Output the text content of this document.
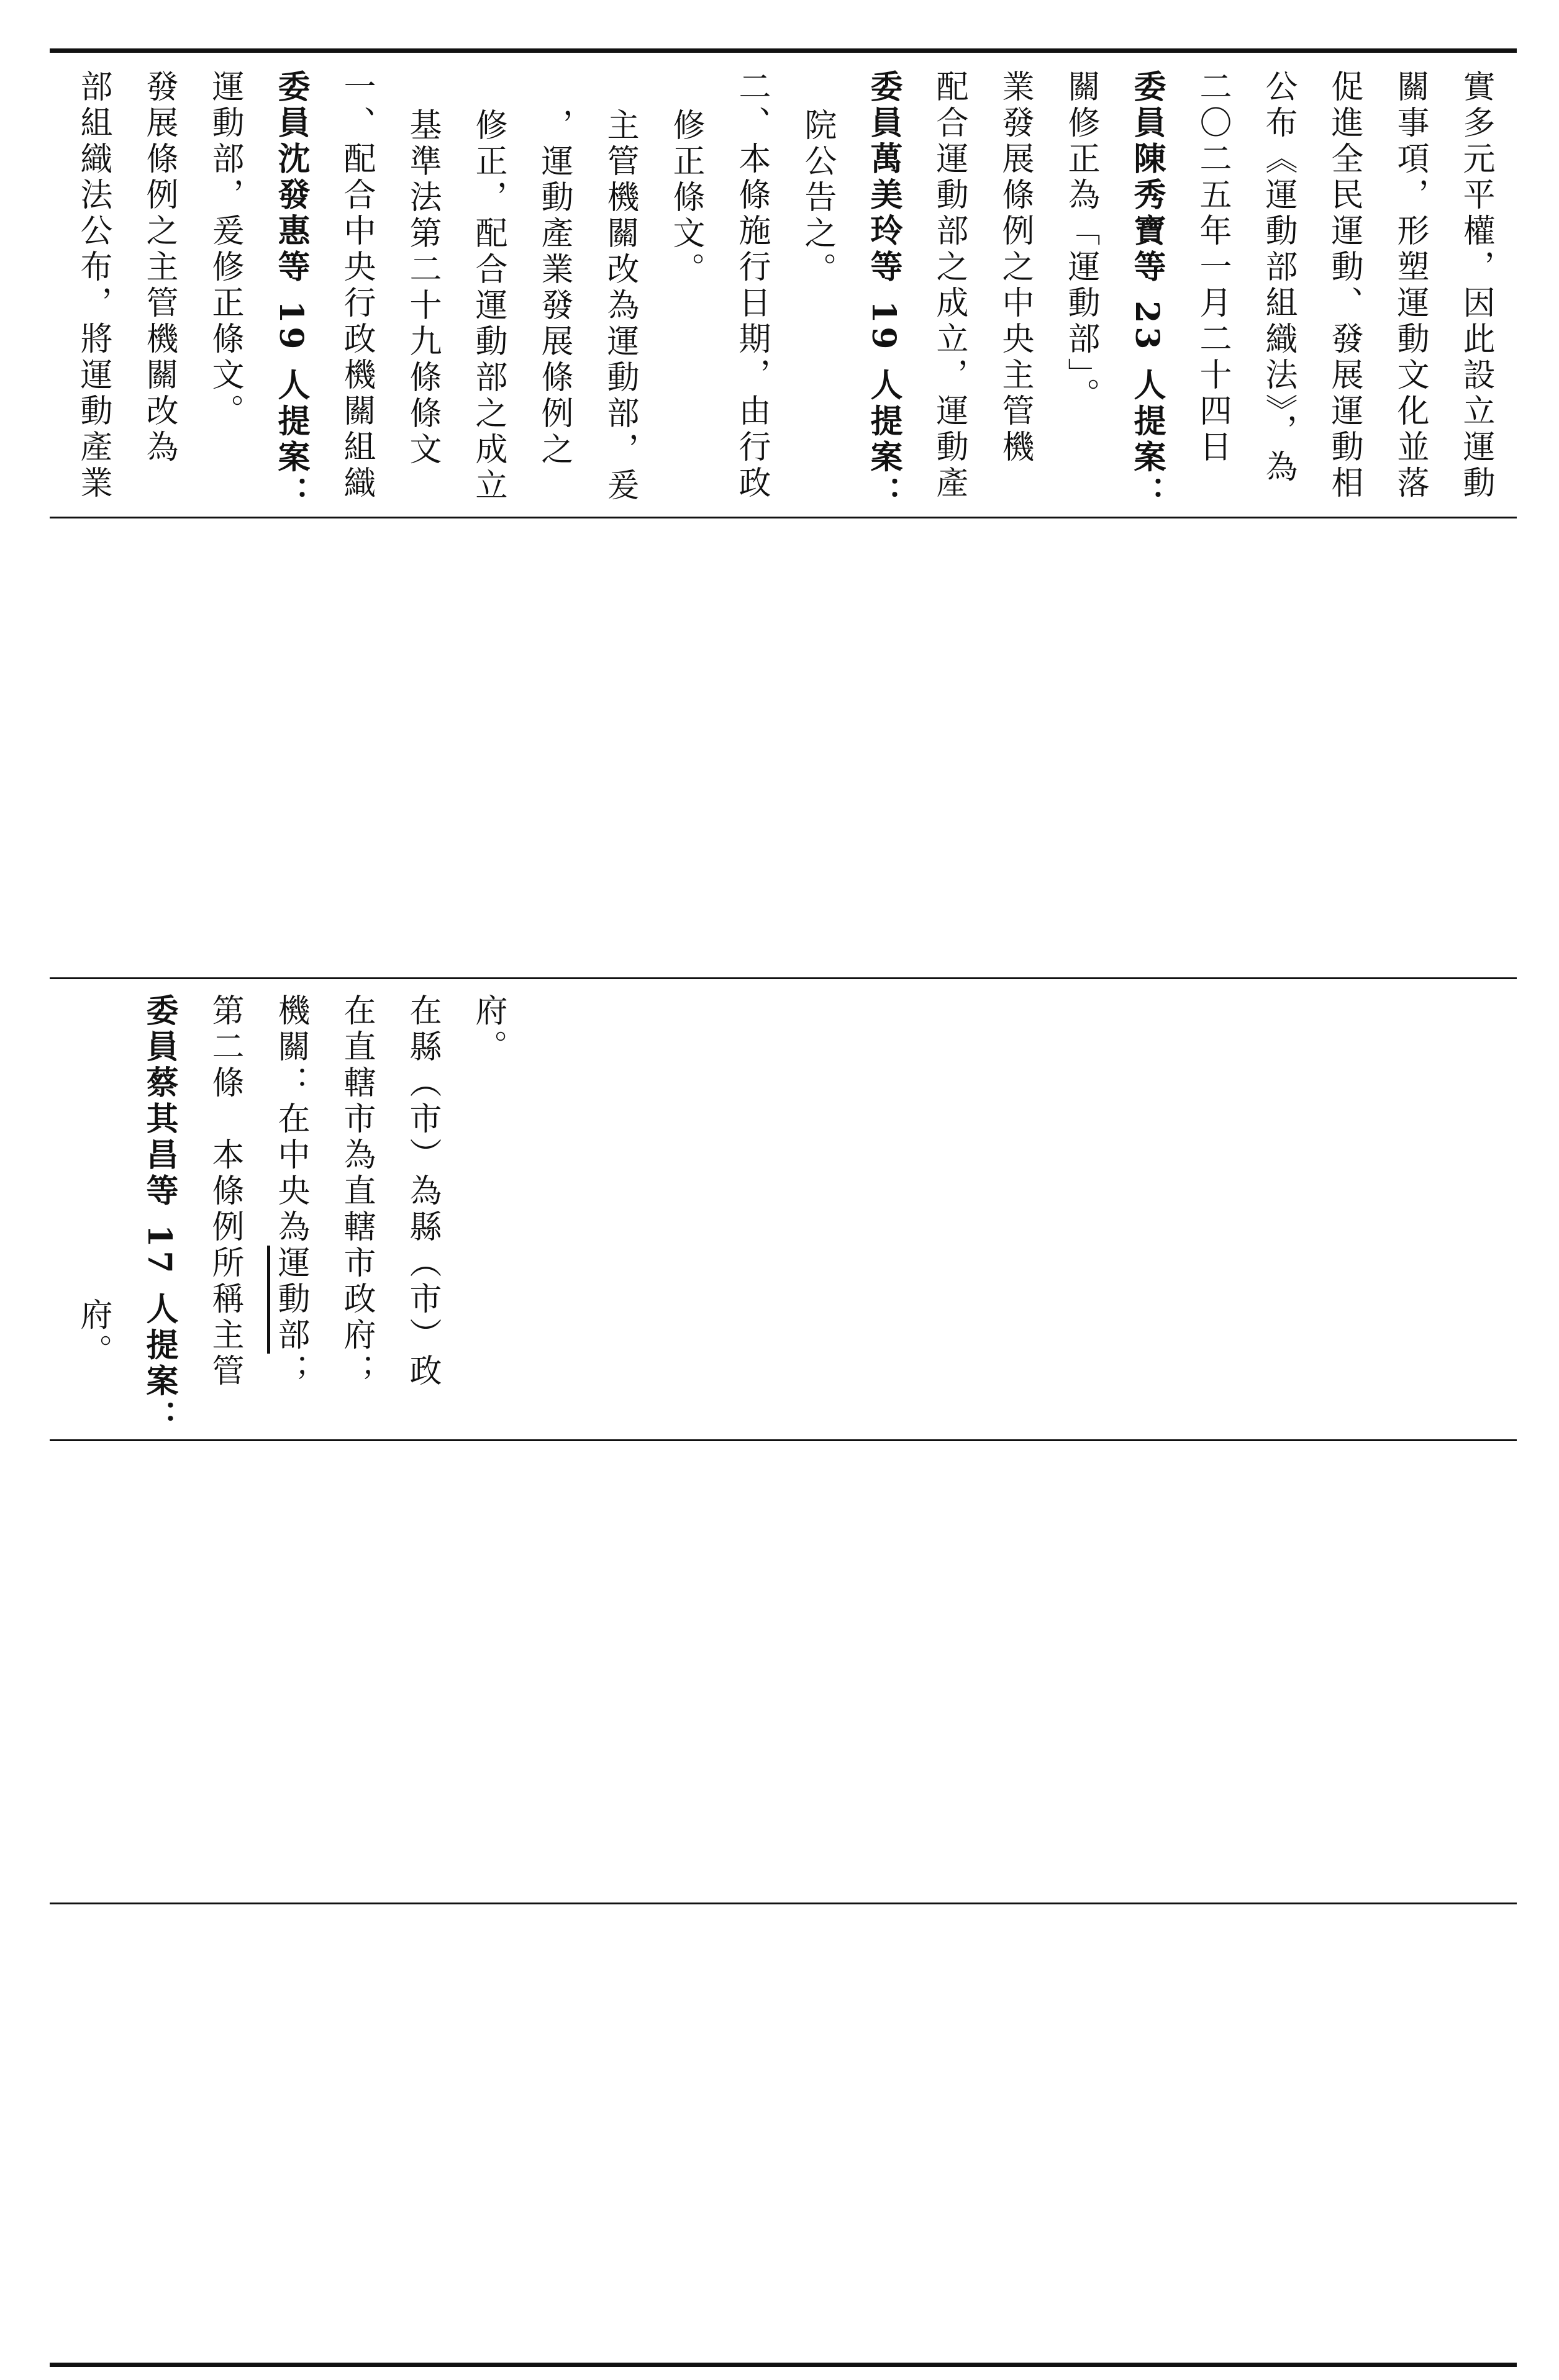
部組織法公布，將運動產業 發展條例之主管機關改為 運動部，爰修正條文。 委員沈發惠等 19 人提案： 一、配合中央行政機關組織 基準法第二十九條條文 修正，配合運動部之成立 ，運動產業發展條例之 主管機關改為運動部，爰 修正條文。 二、本條施行日期，由行政 院公告之。 委員萬美玲等 19 人提案： 配合運動部之成立，運動產 業發展條例之中央主管機 關修正為「運動部」。 委員陳秀寶等 23 人提案： 二〇二五年一月二十四日 公布《運動部組織法》，為 促進全民運動、發展運動相 關事項，形塑運動文化並落 實多元平權，因此設立運動
府。 委員蔡其昌等 17 人提案： 第二條　本條例所稱主管 機關：在中央為運動部； 在直轄市為直轄市政府； 在縣（市）為縣（市）政 府。
